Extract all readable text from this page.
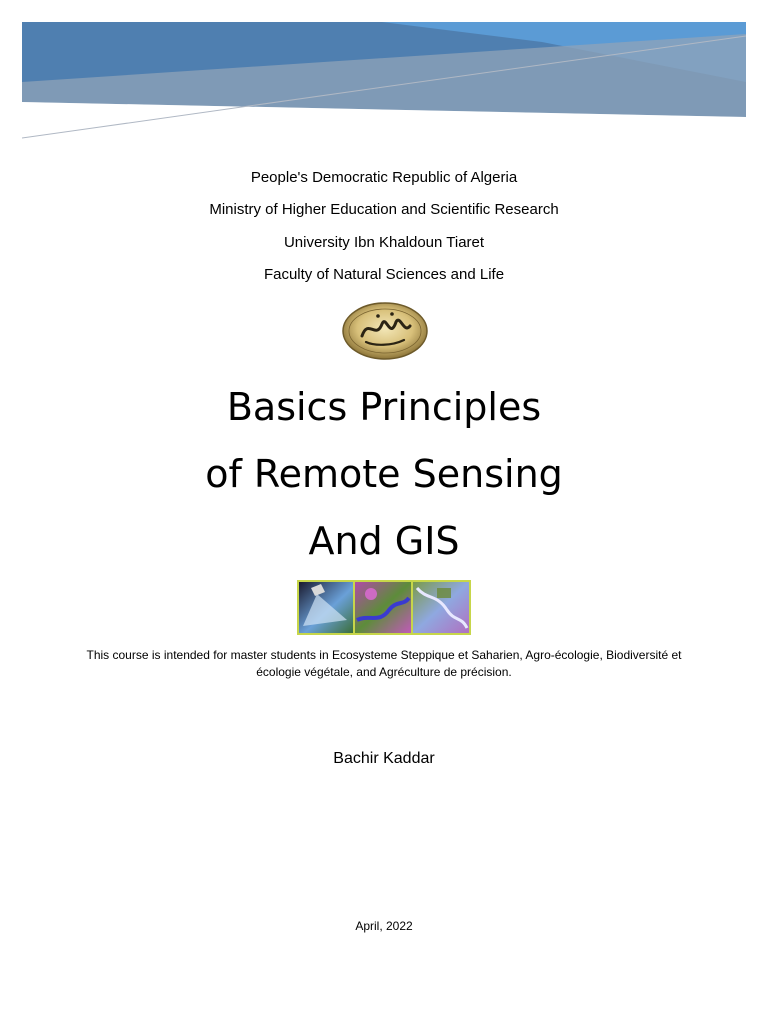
People's Democratic Republic of Algeria
Ministry of Higher Education and Scientific Research
University Ibn Khaldoun Tiaret
Faculty of Natural Sciences and Life
Basics Principles
of Remote Sensing
And GIS
This course is intended for master students in Ecosysteme Steppique et Saharien, Agro-écologie, Biodiversité et écologie végétale, and Agréculture de précision.
Bachir Kaddar
April, 2022
